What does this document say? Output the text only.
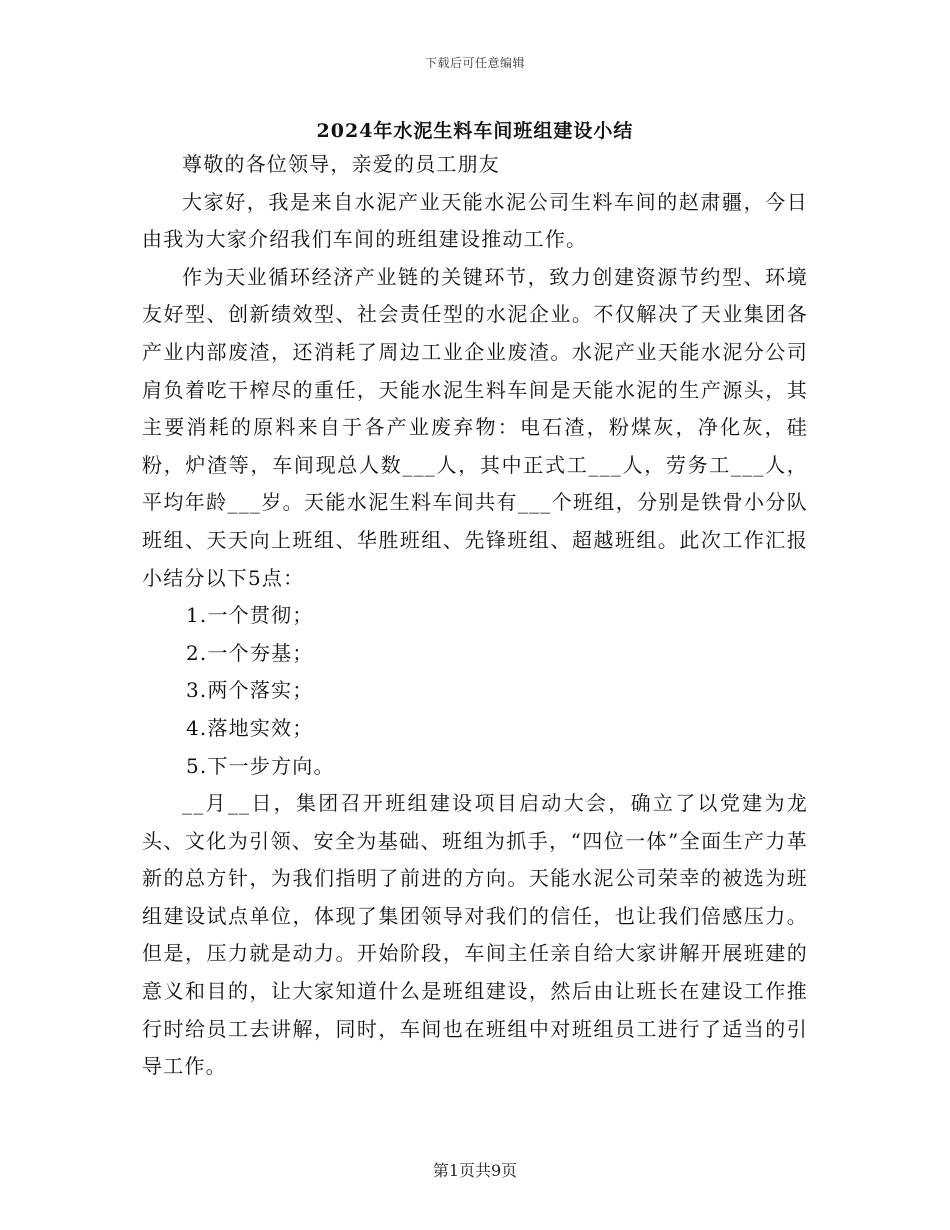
下载后可任意编辑
2024年水泥生料车间班组建设小结

尊敬的各位领导，亲爱的员工朋友

大家好，我是来自水泥产业天能水泥公司生料车间的赵肃疆，今日由我为大家介绍我们车间的班组建设推动工作。

作为天业循环经济产业链的关键环节，致力创建资源节约型、环境友好型、创新绩效型、社会责任型的水泥企业。不仅解决了天业集团各产业内部废渣，还消耗了周边工业企业废渣。水泥产业天能水泥分公司肩负着吃干榨尽的重任，天能水泥生料车间是天能水泥的生产源头，其主要消耗的原料来自于各产业废弃物：电石渣，粉煤灰，净化灰，硅粉，炉渣等，车间现总人数___人，其中正式工___人，劳务工___人，平均年龄___岁。天能水泥生料车间共有___个班组，分别是铁骨小分队班组、天天向上班组、华胜班组、先锋班组、超越班组。此次工作汇报小结分以下5点：

1.一个贯彻；

2.一个夯基；

3.两个落实；

4.落地实效；

5.下一步方向。

__月__日，集团召开班组建设项目启动大会，确立了以党建为龙头、文化为引领、安全为基础、班组为抓手，“四位一体”全面生产力革新的总方针，为我们指明了前进的方向。天能水泥公司荣幸的被选为班组建设试点单位，体现了集团领导对我们的信任，也让我们倍感压力。但是，压力就是动力。开始阶段，车间主任亲自给大家讲解开展班建的意义和目的，让大家知道什么是班组建设，然后由让班长在建设工作推行时给员工去讲解，同时，车间也在班组中对班组员工进行了适当的引导工作。

第1页共9页
